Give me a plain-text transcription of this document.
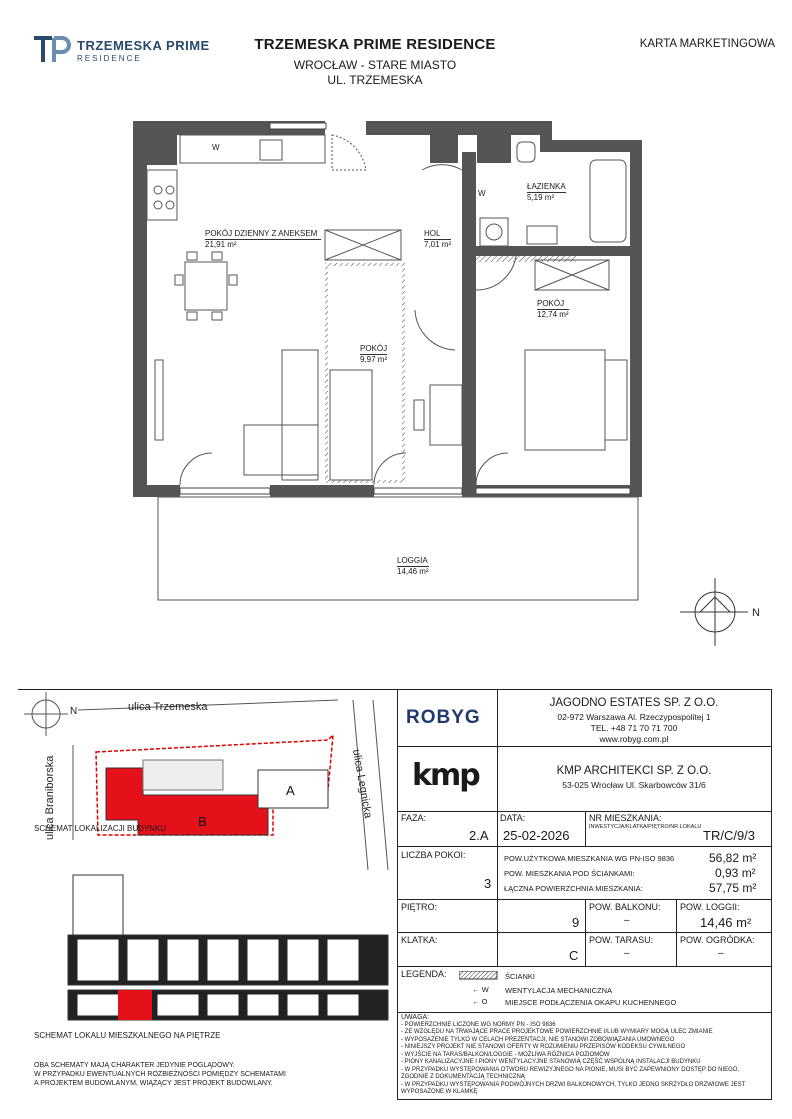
TRZEMESKA PRIME
RESIDENCE
TRZEMESKA PRIME RESIDENCE
WROCŁAW - STARE MIASTO
UL. TRZEMESKA
KARTA MARKETINGOWA
N
W
W
POKÓJ DZIENNY Z ANEKSEM
21,91 m²
HOL
7,01 m²
ŁAZIENKA
5,19 m²
POKÓJ
9,97 m²
POKÓJ
12,74 m²
LOGGIA
14,46 m²
N	ulica Trzemeska
ulica Braniborska	ulica Legnicka
B
A
SCHEMAT LOKALIZACJI BUDYNKU
SCHEMAT LOKALU MIESZKALNEGO NA PIĘTRZE
OBA SCHEMATY MAJĄ CHARAKTER JEDYNIE POGLĄDOWY.
W PRZYPADKU EWENTUALNYCH ROZBIEŻNOŚCI POMIĘDZY SCHEMATAMI
A PROJEKTEM BUDOWLANYM, WIĄŻĄCY JEST PROJEKT BUDOWLANY.
ROBYG
kmp
JAGODNO ESTATES SP. Z O.O.
02-972 Warszawa Al. Rzeczypospolitej 1
TEL. +48 71 70 71 700
www.robyg.com.pl
KMP ARCHITEKCI SP. Z O.O.
53-025 Wrocław Ul. Skarbowców 31/6
FAZA:
2.A
DATA:
25-02-2026
NR MIESZKANIA:
INWESTYCJA/KLATKA/PIĘTRO/NR LOKALU
TR/C/9/3
LICZBA POKOI:
3
POW.UŻYTKOWA MIESZKANIA WG PN-ISO 9836	56,82 m²
POW. MIESZKANIA POD ŚCIANKAMI:	0,93 m²
ŁĄCZNA POWIERZCHNIA MIESZKANIA:	57,75 m²
PIĘTRO:
9
POW. BALKONU:
–
POW. LOGGII:
14,46 m²
KLATKA:
C
POW. TARASU:
–
POW. OGRÓDKA:
–
LEGENDA:	ŚCIANKI
← W WENTYLACJA MECHANICZNA
← O MIEJSCE PODŁĄCZENIA OKAPU KUCHENNEGO
UWAGA:
- POWIERZCHNIE LICZONE WG NORMY PN - ISO 9836
- ZE WZGLĘDU NA TRWAJĄCE PRACE PROJEKTOWE POWIERZCHNIE I/LUB WYMIARY MOGĄ ULEC ZMIANIE
- WYPOSAŻENIE TYLKO W CELACH PREZENTACJI, NIE STANOWI ZOBOWIĄZANIA UMOWNEGO
- NINIEJSZY PROJEKT NIE STANOWI OFERTY W ROZUMIENIU PRZEPISÓW KODEKSU CYWILNEGO
- WYJŚCIE NA TARAS/BALKON/LOGGIE - MOŻLIWA RÓŻNICA POZIOMÓW
- PIONY KANALIZACYJNE I PIONY WENTYLACYJNE STANOWIĄ CZĘŚĆ WSPÓLNĄ INSTALACJI BUDYNKU
- W PRZYPADKU WYSTĘPOWANIA OTWORU REWIZYJNEGO NA PIONIE, MUSI BYĆ ZAPEWNIONY DOSTĘP DO NIEGO,
ZGODNIE Z DOKUMENTACJĄ TECHNICZNĄ
- W PRZYPADKU WYSTĘPOWANIA PODWÓJNYCH DRZWI BALKONOWYCH, TYLKO JEDNO SKRZYDŁO DRZWIOWE JEST
WYPOSAŻONE W KLAMKĘ
